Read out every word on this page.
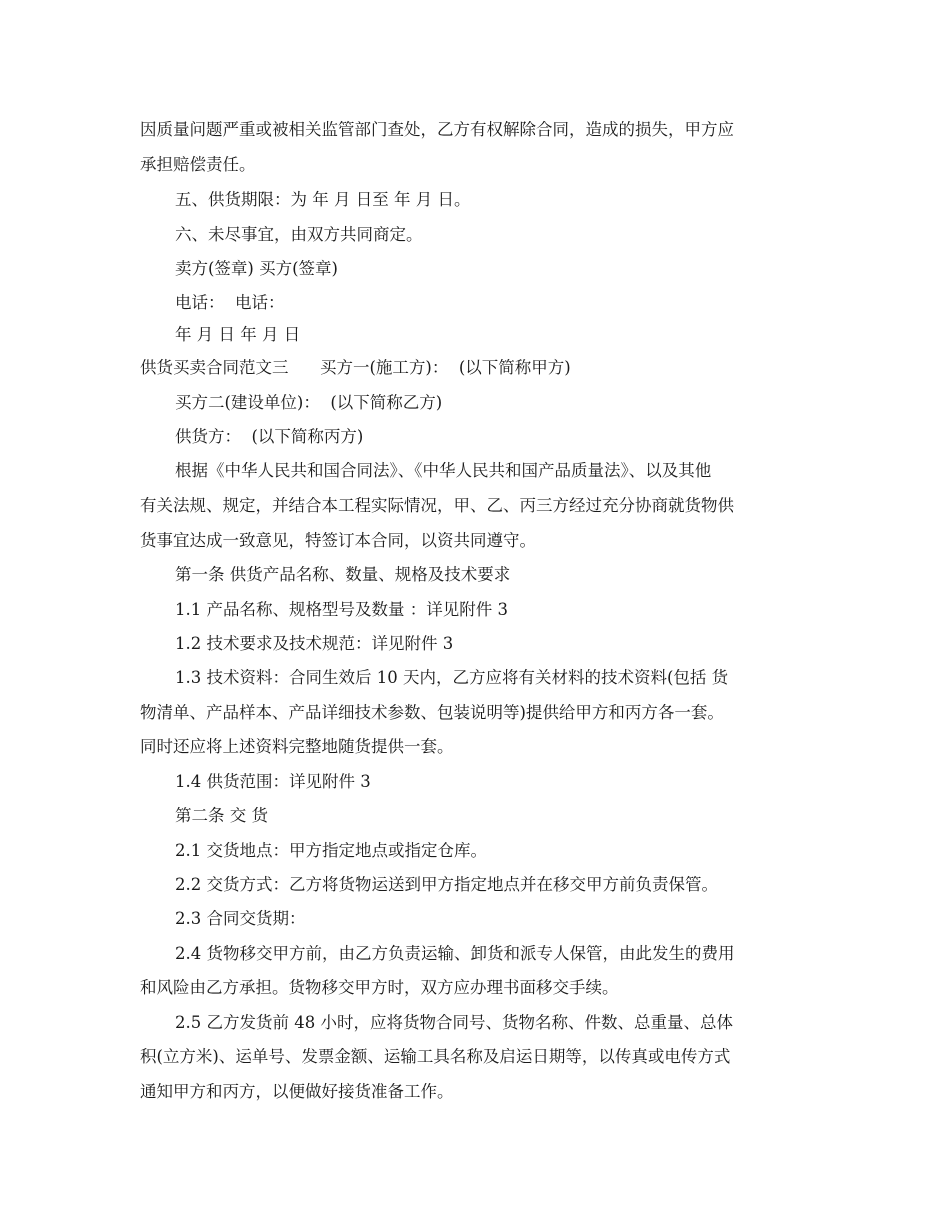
因质量问题严重或被相关监管部门查处，乙方有权解除合同，造成的损失，甲方应
承担赔偿责任。
五、供货期限：为 年 月 日至 年 月 日。
六、未尽事宜，由双方共同商定。
卖方(签章) 买方(签章)
电话：  电话：
年 月 日 年 月 日
供货买卖合同范文三      买方一(施工方)：  (以下简称甲方)
买方二(建设单位)：  (以下简称乙方)
供货方：  (以下简称丙方)
根据《中华人民共和国合同法》、《中华人民共和国产品质量法》、以及其他
有关法规、规定，并结合本工程实际情况，甲、乙、丙三方经过充分协商就货物供
货事宜达成一致意见，特签订本合同，以资共同遵守。
第一条 供货产品名称、数量、规格及技术要求
1.1 产品名称、规格型号及数量 ：详见附件 3
1.2 技术要求及技术规范：详见附件 3
1.3 技术资料：合同生效后 10 天内，乙方应将有关材料的技术资料(包括 货
物清单、产品样本、产品详细技术参数、包装说明等)提供给甲方和丙方各一套。
同时还应将上述资料完整地随货提供一套。
1.4 供货范围：详见附件 3
第二条 交 货
2.1 交货地点：甲方指定地点或指定仓库。
2.2 交货方式：乙方将货物运送到甲方指定地点并在移交甲方前负责保管。
2.3 合同交货期：
2.4 货物移交甲方前，由乙方负责运输、卸货和派专人保管，由此发生的费用
和风险由乙方承担。货物移交甲方时，双方应办理书面移交手续。
2.5 乙方发货前 48 小时，应将货物合同号、货物名称、件数、总重量、总体
积(立方米)、运单号、发票金额、运输工具名称及启运日期等，以传真或电传方式
通知甲方和丙方，以便做好接货准备工作。
